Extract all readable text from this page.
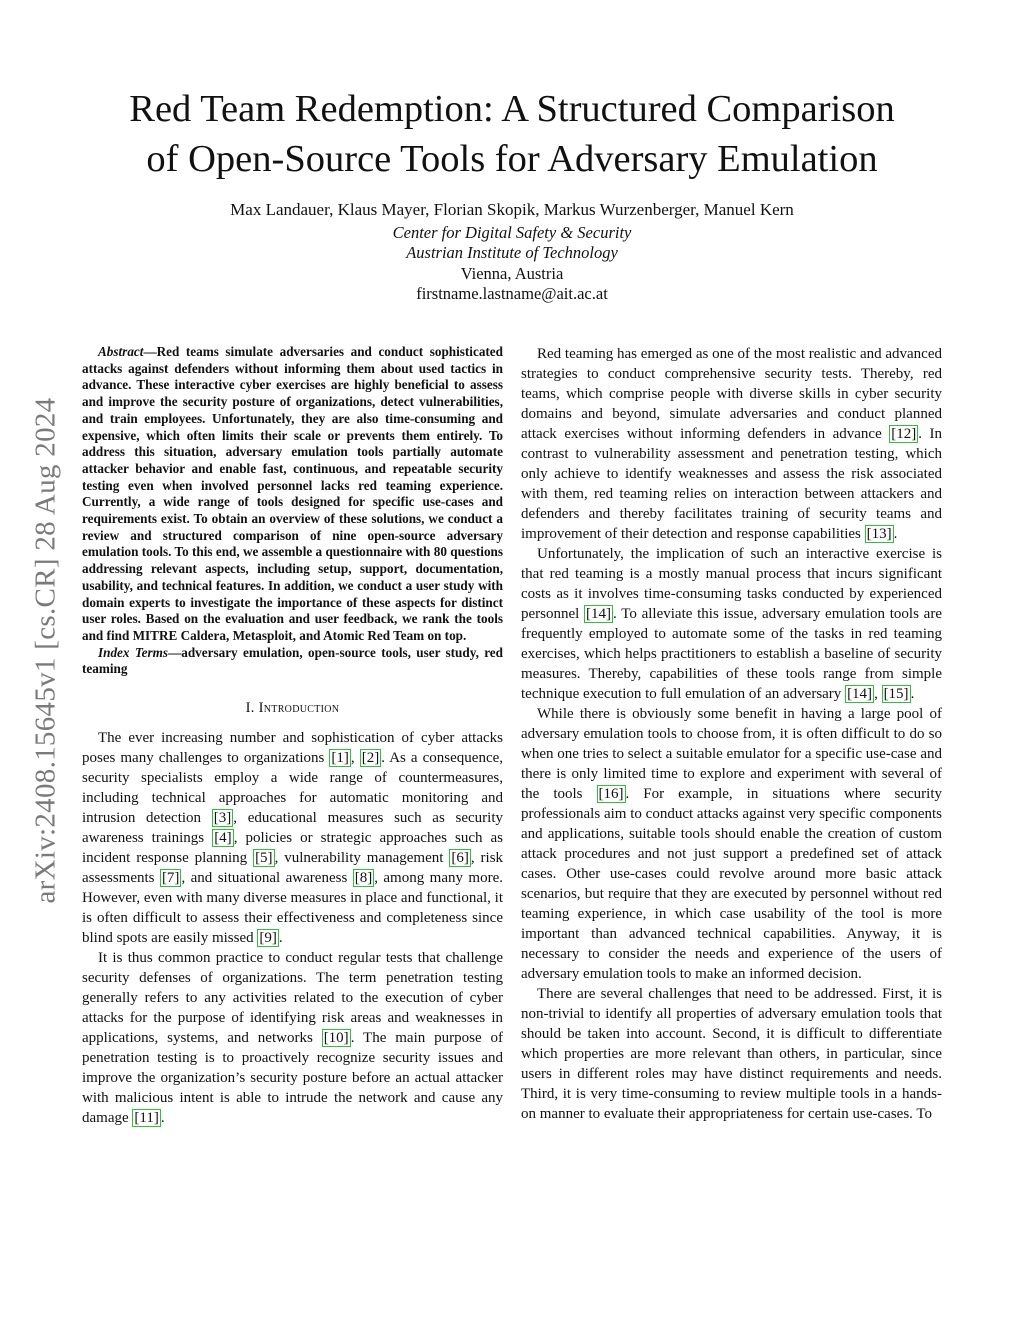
arXiv:2408.15645v1 [cs.CR] 28 Aug 2024
Red Team Redemption: A Structured Comparison
of Open-Source Tools for Adversary Emulation
Max Landauer, Klaus Mayer, Florian Skopik, Markus Wurzenberger, Manuel Kern
Center for Digital Safety & Security
Austrian Institute of Technology
Vienna, Austria
firstname.lastname@ait.ac.at

Abstract—Red teams simulate adversaries and conduct sophisticated attacks against defenders without informing them about used tactics in advance. These interactive cyber exercises are highly beneficial to assess and improve the security posture of organizations, detect vulnerabilities, and train employees. Unfortunately, they are also time-consuming and expensive, which often limits their scale or prevents them entirely. To address this situation, adversary emulation tools partially automate attacker behavior and enable fast, continuous, and repeatable security testing even when involved personnel lacks red teaming experience. Currently, a wide range of tools designed for specific use-cases and requirements exist. To obtain an overview of these solutions, we conduct a review and structured comparison of nine open-source adversary emulation tools. To this end, we assemble a questionnaire with 80 questions addressing relevant aspects, including setup, support, documentation, usability, and technical features. In addition, we conduct a user study with domain experts to investigate the importance of these aspects for distinct user roles. Based on the evaluation and user feedback, we rank the tools and find MITRE Caldera, Metasploit, and Atomic Red Team on top.

Index Terms—adversary emulation, open-source tools, user study, red teaming

I. Introduction

The ever increasing number and sophistication of cyber attacks poses many challenges to organizations [1] , [2] . As a consequence, security specialists employ a wide range of countermeasures, including technical approaches for automatic monitoring and intrusion detection [3] , educational measures such as security awareness trainings [4] , policies or strategic approaches such as incident response planning [5] , vulnerability management [6] , risk assessments [7] , and situational awareness [8] , among many more. However, even with many diverse measures in place and functional, it is often difficult to assess their effectiveness and completeness since blind spots are easily missed [9] .

It is thus common practice to conduct regular tests that challenge security defenses of organizations. The term penetration testing generally refers to any activities related to the execution of cyber attacks for the purpose of identifying risk areas and weaknesses in applications, systems, and networks [10] . The main purpose of penetration testing is to proactively recognize security issues and improve the organization’s security posture before an actual attacker with malicious intent is able to intrude the network and cause any damage [11] .

Red teaming has emerged as one of the most realistic and advanced strategies to conduct comprehensive security tests. Thereby, red teams, which comprise people with diverse skills in cyber security domains and beyond, simulate adversaries and conduct planned attack exercises without informing defenders in advance [12] . In contrast to vulnerability assessment and penetration testing, which only achieve to identify weaknesses and assess the risk associated with them, red teaming relies on interaction between attackers and defenders and thereby facilitates training of security teams and improvement of their detection and response capabilities [13] .

Unfortunately, the implication of such an interactive exercise is that red teaming is a mostly manual process that incurs significant costs as it involves time-consuming tasks conducted by experienced personnel [14] . To alleviate this issue, adversary emulation tools are frequently employed to automate some of the tasks in red teaming exercises, which helps practitioners to establish a baseline of security measures. Thereby, capabilities of these tools range from simple technique execution to full emulation of an adversary [14] , [15] .

While there is obviously some benefit in having a large pool of adversary emulation tools to choose from, it is often difficult to do so when one tries to select a suitable emulator for a specific use-case and there is only limited time to explore and experiment with several of the tools [16] . For example, in situations where security professionals aim to conduct attacks against very specific components and applications, suitable tools should enable the creation of custom attack procedures and not just support a predefined set of attack cases. Other use-cases could revolve around more basic attack scenarios, but require that they are executed by personnel without red teaming experience, in which case usability of the tool is more important than advanced technical capabilities. Anyway, it is necessary to consider the needs and experience of the users of adversary emulation tools to make an informed decision.

There are several challenges that need to be addressed. First, it is non-trivial to identify all properties of adversary emulation tools that should be taken into account. Second, it is difficult to differentiate which properties are more relevant than others, in particular, since users in different roles may have distinct requirements and needs. Third, it is very time-consuming to review multiple tools in a hands-on manner to evaluate their appropriateness for certain use-cases. To
